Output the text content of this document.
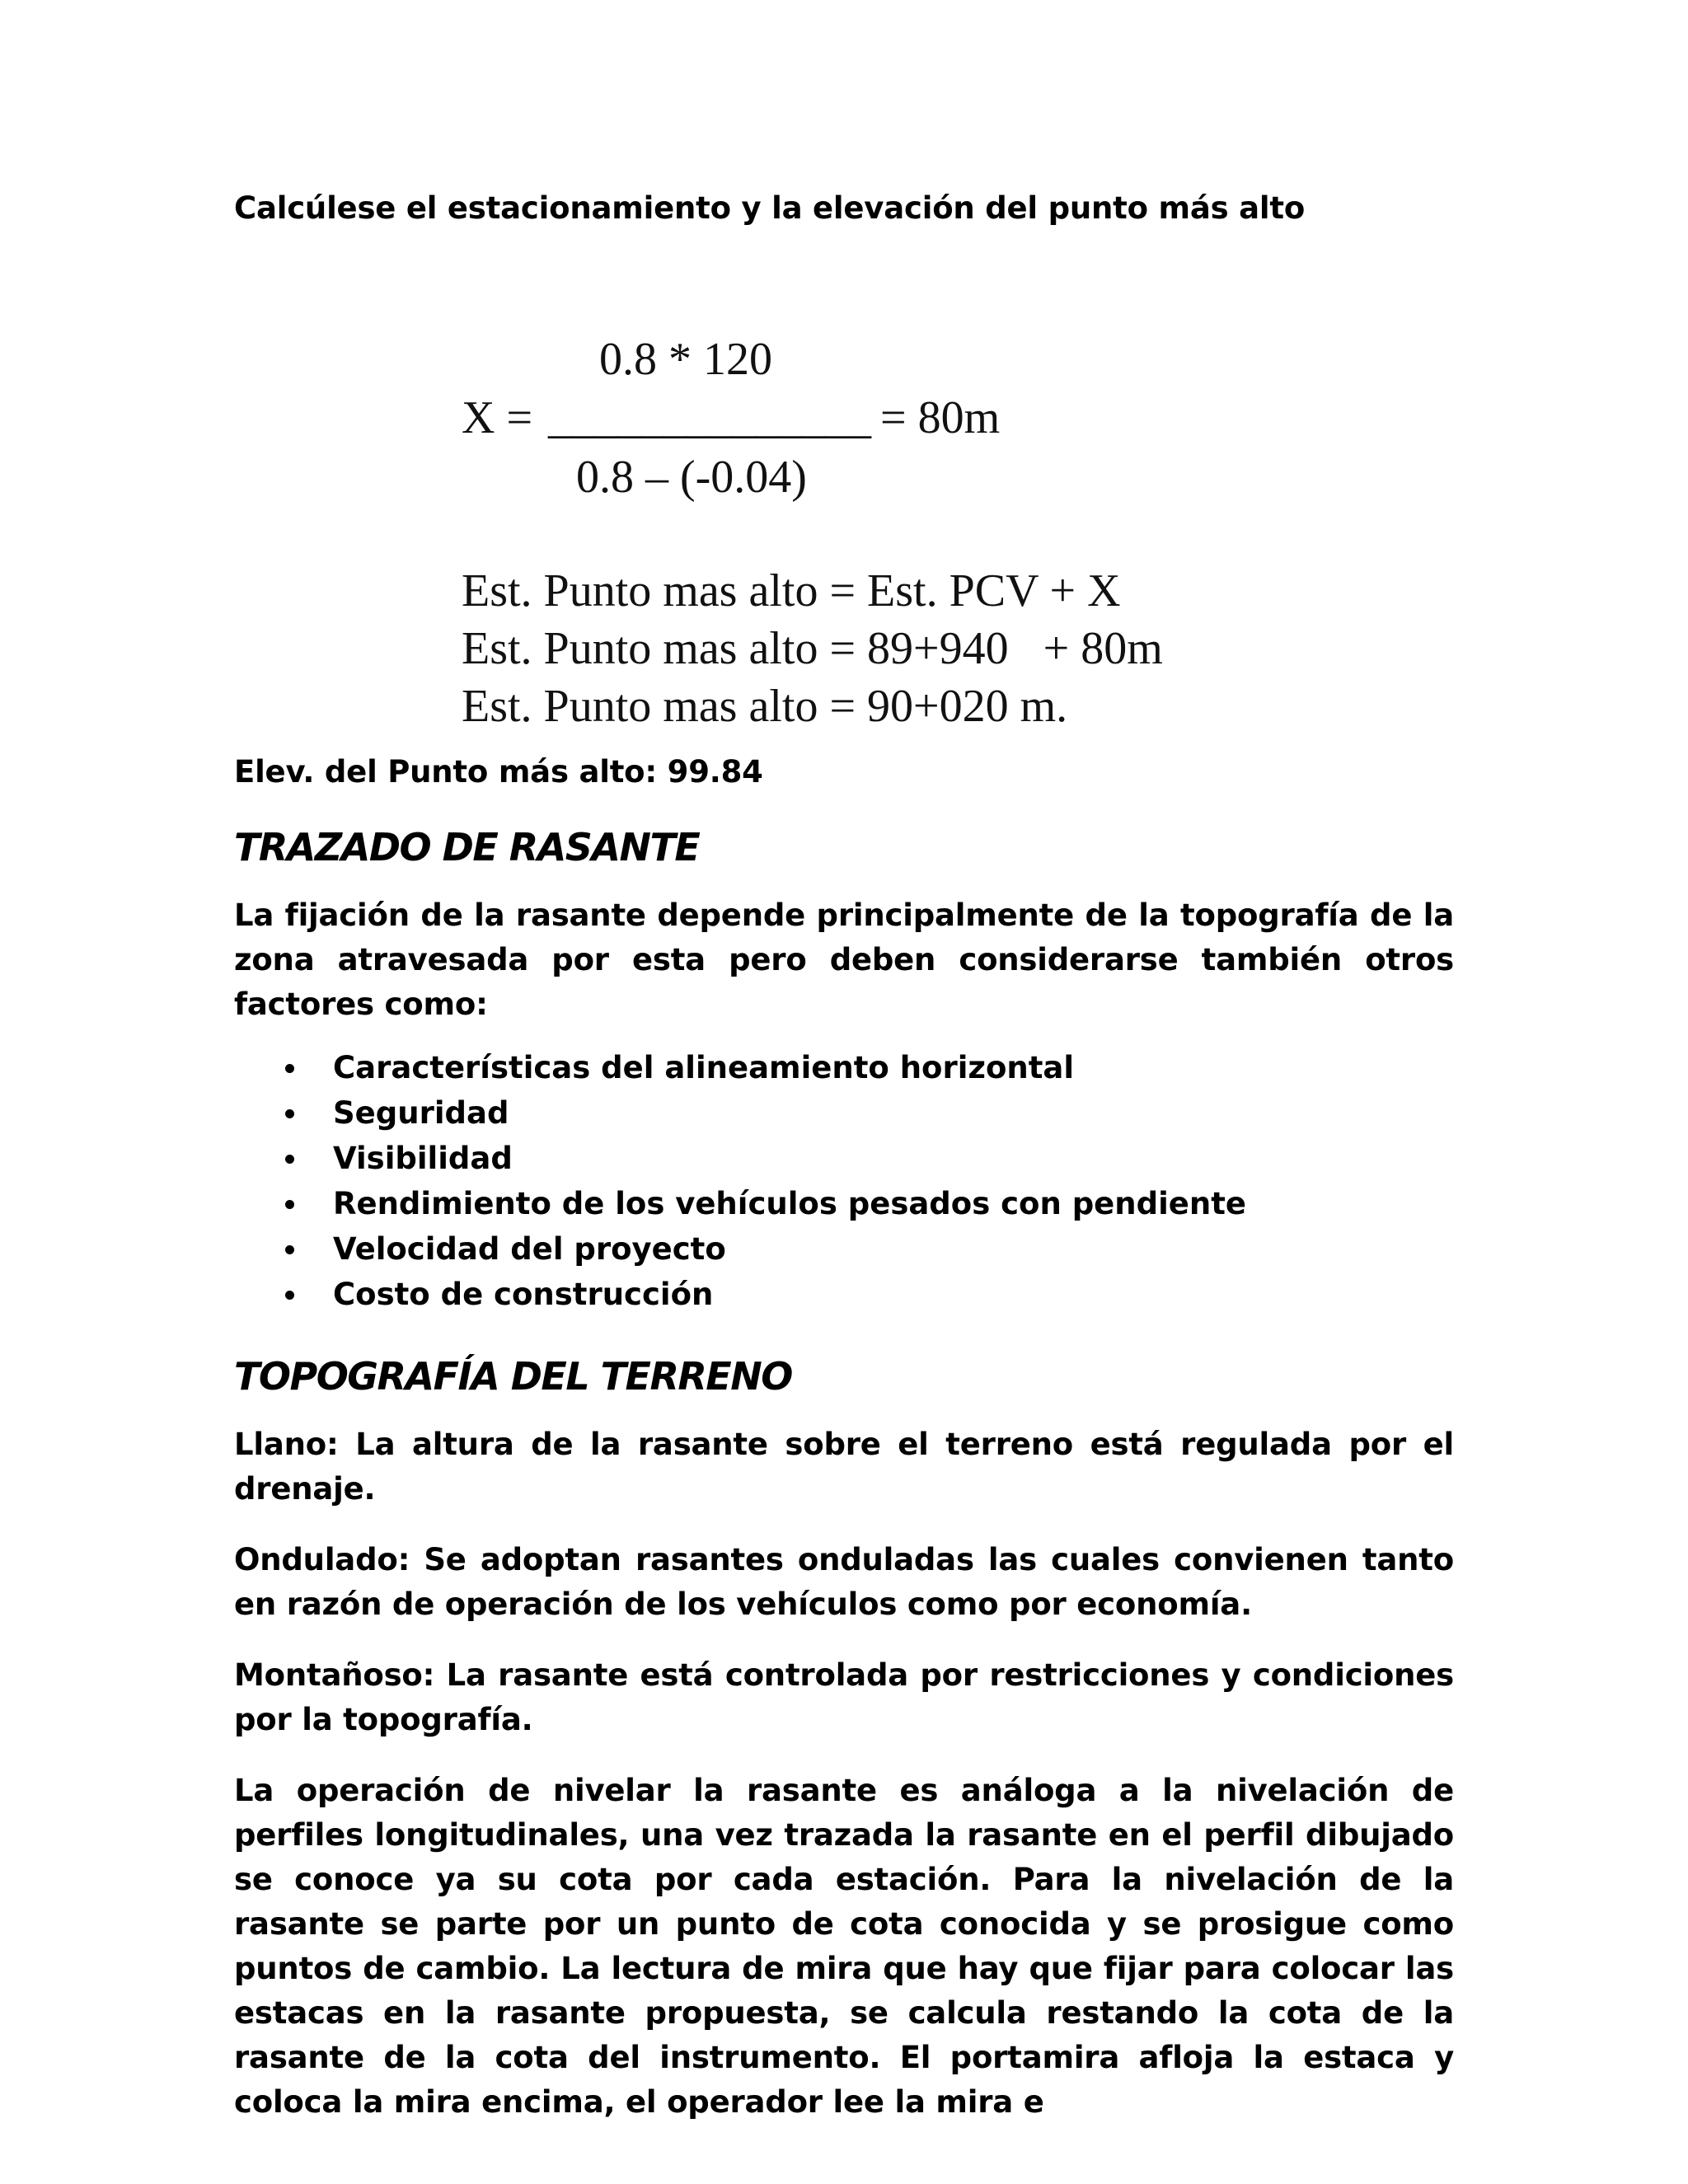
Calcúlese el estacionamiento y la elevación del punto más alto

0.8 * 120
X = ______________ = 80m
0.8 – (-0.04)
Est. Punto mas alto = Est. PCV + X
Est. Punto mas alto = 89+940   + 80m
Est. Punto mas alto = 90+020 m.

Elev. del Punto más alto: 99.84

TRAZADO DE RASANTE

La fijación de la rasante depende principalmente de la topografía de la zona atravesada por esta pero deben considerarse también otros factores como:

Características del alineamiento horizontal
Seguridad
Visibilidad
Rendimiento de los vehículos pesados con pendiente
Velocidad del proyecto
Costo de construcción
TOPOGRAFÍA DEL TERRENO

Llano: La altura de la rasante sobre el terreno está regulada por el drenaje.

Ondulado: Se adoptan rasantes onduladas las cuales convienen tanto en razón de operación de los vehículos como por economía.

Montañoso: La rasante está controlada por restricciones y condiciones por la topografía.

La operación de nivelar la rasante es análoga a la nivelación de perfiles longitudinales, una vez trazada la rasante en el perfil dibujado se conoce ya su cota por cada estación. Para la nivelación de la rasante se parte por un punto de cota conocida y se prosigue como puntos de cambio. La lectura de mira que hay que fijar para colocar las estacas en la rasante propuesta, se calcula restando la cota de la rasante de la cota del instrumento. El portamira afloja la estaca y coloca la mira encima, el operador lee la mira e
